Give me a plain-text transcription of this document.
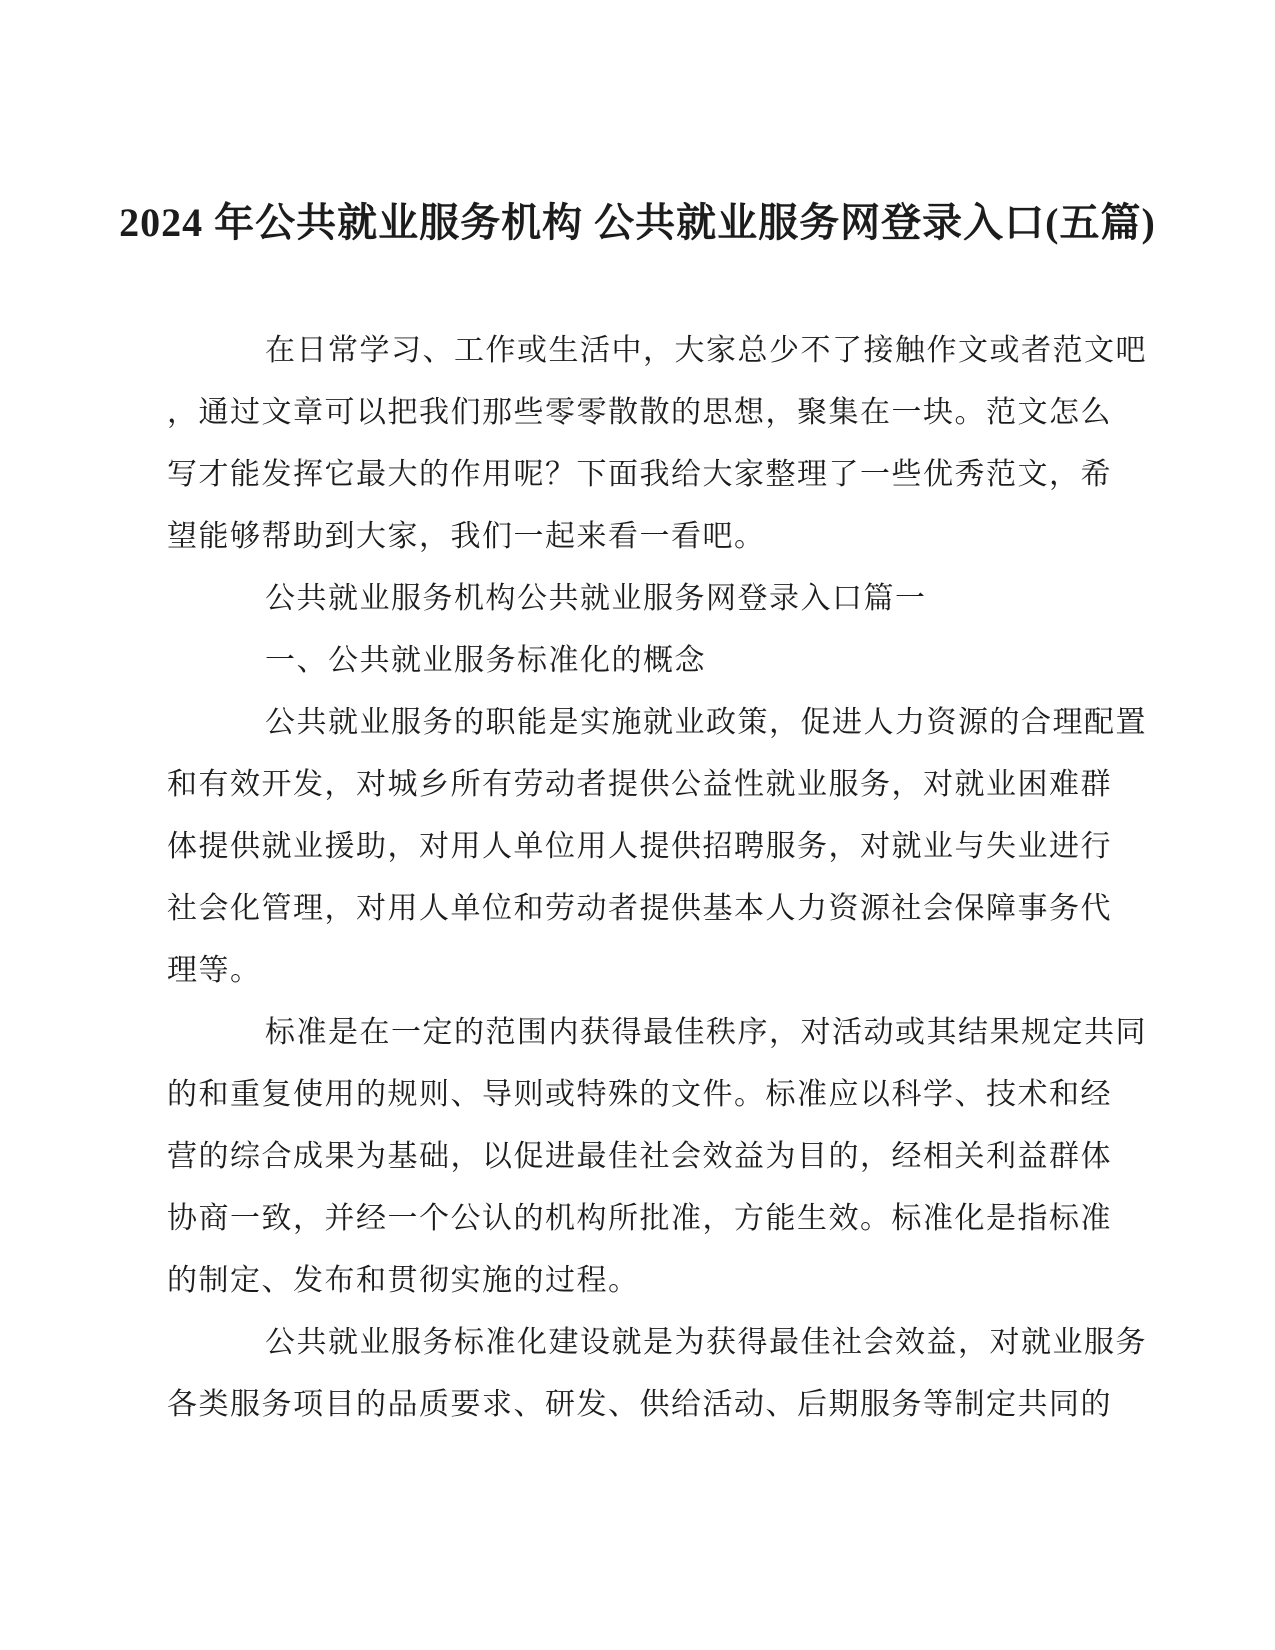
2024 年公共就业服务机构 公共就业服务网登录入口(五篇)
在日常学习、工作或生活中，大家总少不了接触作文或者范文吧
，通过文章可以把我们那些零零散散的思想，聚集在一块。范文怎么
写才能发挥它最大的作用呢？下面我给大家整理了一些优秀范文，希
望能够帮助到大家，我们一起来看一看吧。
公共就业服务机构公共就业服务网登录入口篇一
一、公共就业服务标准化的概念
公共就业服务的职能是实施就业政策，促进人力资源的合理配置
和有效开发，对城乡所有劳动者提供公益性就业服务，对就业困难群
体提供就业援助，对用人单位用人提供招聘服务，对就业与失业进行
社会化管理，对用人单位和劳动者提供基本人力资源社会保障事务代
理等。
标准是在一定的范围内获得最佳秩序，对活动或其结果规定共同
的和重复使用的规则、导则或特殊的文件。标准应以科学、技术和经
营的综合成果为基础，以促进最佳社会效益为目的，经相关利益群体
协商一致，并经一个公认的机构所批准，方能生效。标准化是指标准
的制定、发布和贯彻实施的过程。
公共就业服务标准化建设就是为获得最佳社会效益，对就业服务
各类服务项目的品质要求、研发、供给活动、后期服务等制定共同的
